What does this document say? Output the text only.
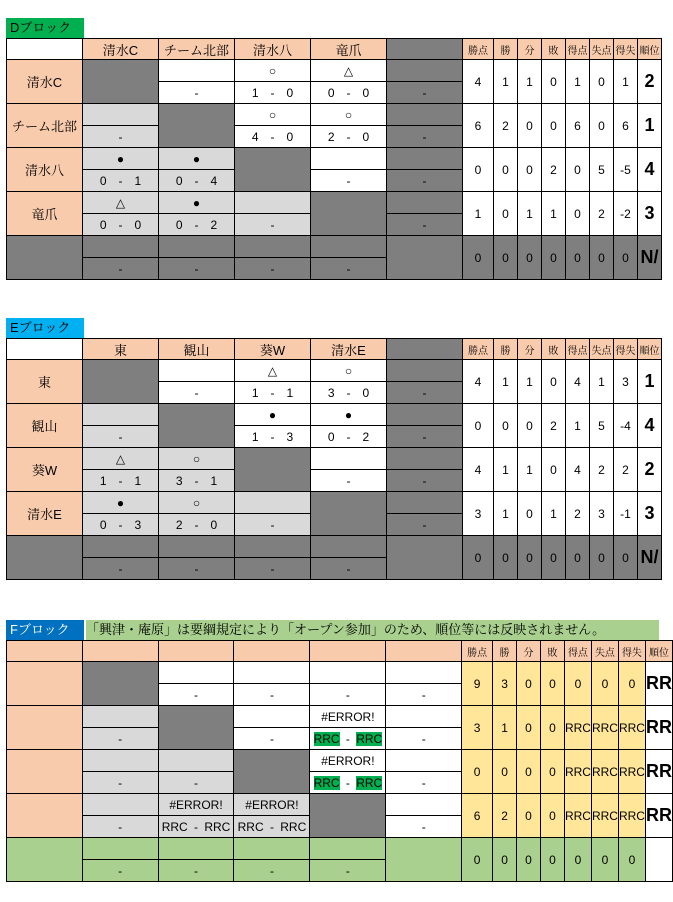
Dブロック
	清水C	チーム北部	清水八	竜爪		勝点	勝	分	敗	得点	失点	得失	順位
清水C			○	△		4	1	1	0	1	0	1	2
		-	1　-　0	0　-　0	-								
チーム北部			○	○		6	2	0	0	6	0	6	1
	-		4　-　0	2　-　0	-								
清水八	●	●				0	0	0	2	0	5	-5	4

0　-　1	0　-　4		-	-								
竜爪	△	●				1	0	1	1	0	2	-2	3

0　-　0	0　-　2	-		-								
						0	0	0	0	0	0	0	N/
	-	-	-	-									
Eブロック
	東	観山	葵W	清水E		勝点	勝	分	敗	得点	失点	得失	順位
東			△	○		4	1	1	0	4	1	3	1
		-	1　-　1	3　-　0	-								
観山			●	●		0	0	0	2	1	5	-4	4
	-		1　-　3	0　-　2	-								
葵W	△	○				4	1	1	0	4	2	2	2

1　-　1	3　-　1		-	-								
清水E	●	○				3	1	0	1	2	3	-1	3

0　-　3	2　-　0	-		-								
						0	0	0	0	0	0	0	N/
	-	-	-	-									
Fブロック	「興津・庵原」は要綱規定により「オープン参加」のため、順位等には反映されません。
						勝点	勝	分	敗	得点	失点	得失	順位
						9	3	0	0	0	0	0	RR
		-	-	-	-								
				#ERROR!		3	1	0	0	RRC	RRC	RRC	RR
	-		-	RRC - RRC	-								
				#ERROR!		0	0	0	0	RRC	RRC	RRC	RR
	-	-		RRC - RRC	-								
		#ERROR!	#ERROR!			6	2	0	0	RRC	RRC	RRC	RR
	-	RRC - RRC	RRC - RRC		-								
						0	0	0	0	0	0	0	
	-	-	-	-									
